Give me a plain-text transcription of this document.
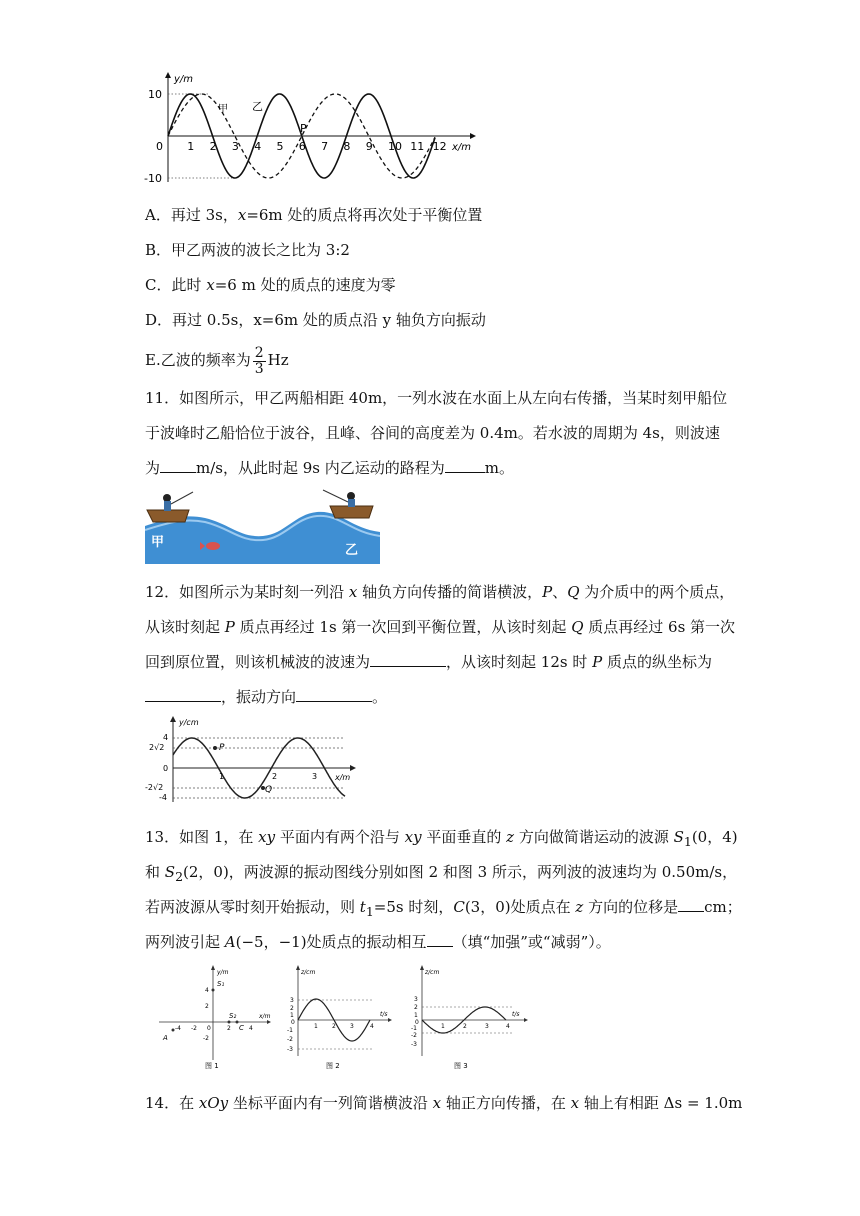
y/m
x/m
10
0
-10
1 2 3 4 5 6 7 8 9 10 11 12
甲 乙
P
A．再过 3s，x=6m 处的质点将再次处于平衡位置
B．甲乙两波的波长之比为 3:2
C．此时 x=6 m 处的质点的速度为零
D．再过 0.5s，x=6m 处的质点沿 y 轴负方向振动
E.乙波的频率为 $\frac{2}{3}$ Hz
11．如图所示，甲乙两船相距 40m，一列水波在水面上从左向右传播，当某时刻甲船位
于波峰时乙船恰位于波谷，且峰、谷间的高度差为 0.4m。若水波的周期为 4s，则波速
为 m/s，从此时起 9s 内乙运动的路程为	m。
甲
乙
12．如图所示为某时刻一列沿 x 轴负方向传播的简谐横波，P、Q 为介质中的两个质点，
从该时刻起 P 质点再经过 1s 第一次回到平衡位置，从该时刻起 Q 质点再经过 6s 第一次
回到原位置，则该机械波的波速为	，从该时刻起 12s 时 P 质点的纵坐标为
，振动方向	。
y/cm
x/m
4
2√2
0
-2√2
-4
1	2	3
P
Q
13．如图 1，在 xy 平面内有两个沿与 xy 平面垂直的 z 方向做简谐运动的波源 $S_1(0$，4)
和 $S_2(2$，0)，两波源的振动图线分别如图 2 和图 3 所示，两列波的波速均为 0.50m/s，
若两波源从零时刻开始振动，则 $t_1=5s$ 时刻，C(3，0)处质点在 z 方向的位移是 cm；
两列波引起 A(−5，−1)处质点的振动相互 （填“加强”或“减弱”）。
y/m
x/m
S₁
S₂
C
A
4
2
-2
-4 -2 0	2	4
图 1
z/cm
t/s
3
2
1
0
-1
-2
-3
1 2 3	4
图 2
z/cm
t/s
3
2
1
0
-1
-2
-3
1	2	3	4
图 3
14．在 xOy 坐标平面内有一列简谐横波沿 x 轴正方向传播，在 x 轴上有相距 Δs = 1.0m
